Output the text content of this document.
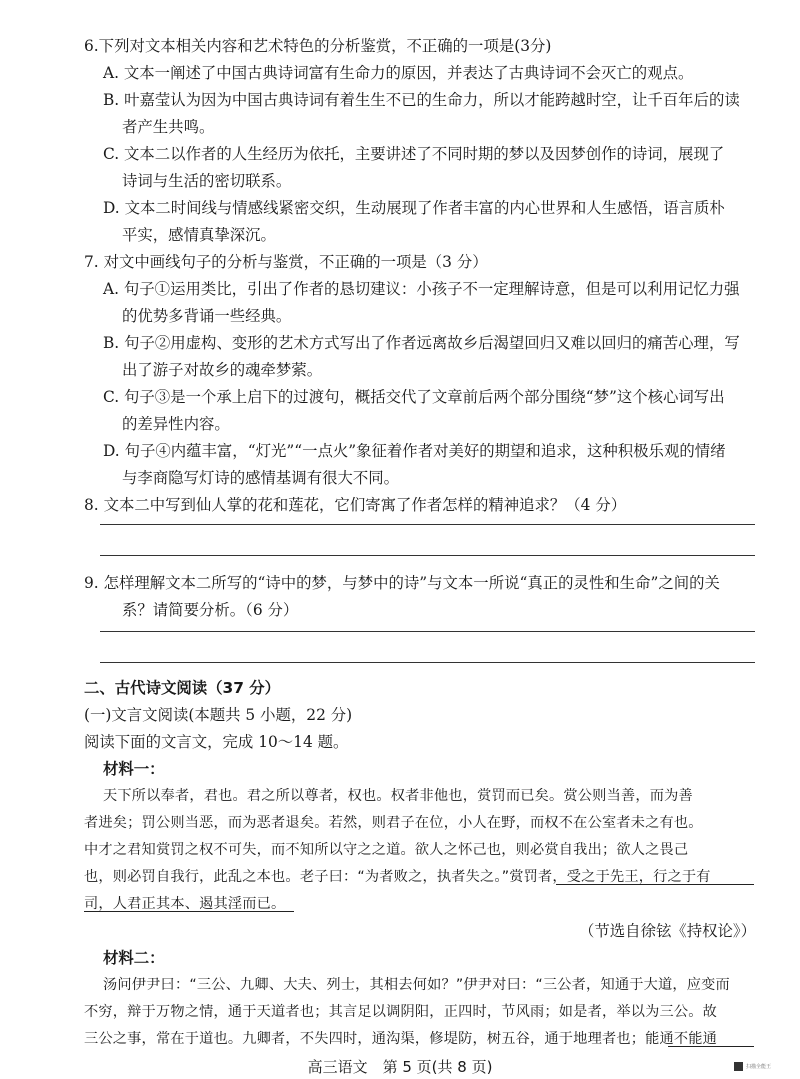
6.下列对文本相关内容和艺术特色的分析鉴赏，不正确的一项是(3分)
A. 文本一阐述了中国古典诗词富有生命力的原因，并表达了古典诗词不会灭亡的观点。
B. 叶嘉莹认为因为中国古典诗词有着生生不已的生命力，所以才能跨越时空，让千百年后的读
者产生共鸣。
C. 文本二以作者的人生经历为依托，主要讲述了不同时期的梦以及因梦创作的诗词，展现了
诗词与生活的密切联系。
D. 文本二时间线与情感线紧密交织，生动展现了作者丰富的内心世界和人生感悟，语言质朴
平实，感情真挚深沉。
7. 对文中画线句子的分析与鉴赏，不正确的一项是（3 分）
A. 句子①运用类比，引出了作者的恳切建议：小孩子不一定理解诗意，但是可以利用记忆力强
的优势多背诵一些经典。
B. 句子②用虚构、变形的艺术方式写出了作者远离故乡后渴望回归又难以回归的痛苦心理，写
出了游子对故乡的魂牵梦萦。
C. 句子③是一个承上启下的过渡句，概括交代了文章前后两个部分围绕“梦”这个核心词写出
的差异性内容。
D. 句子④内蕴丰富，“灯光”“一点火”象征着作者对美好的期望和追求，这种积极乐观的情绪
与李商隐写灯诗的感情基调有很大不同。
8. 文本二中写到仙人掌的花和莲花，它们寄寓了作者怎样的精神追求？（4 分）
9. 怎样理解文本二所写的“诗中的梦，与梦中的诗”与文本一所说“真正的灵性和生命”之间的关
系？请简要分析。（6 分）
二、古代诗文阅读（37 分）
(一)文言文阅读(本题共 5 小题，22 分)
阅读下面的文言文，完成 10～14 题。
材料一：
天下所以奉者，君也。君之所以尊者，权也。权者非他也，赏罚而已矣。赏公则当善，而为善
者进矣；罚公则当恶，而为恶者退矣。若然，则君子在位，小人在野，而权不在公室者未之有也。
中才之君知赏罚之权不可失，而不知所以守之之道。欲人之怀己也，则必赏自我出；欲人之畏己
也，则必罚自我行，此乱之本也。老子曰：“为者败之，执者失之。”赏罚者，受之于先王，行之于有
司，人君正其本、遏其淫而已。
（节选自徐铉《持权论》）
材料二：
汤问伊尹曰：“三公、九卿、大夫、列士，其相去何如？”伊尹对曰：“三公者，知通于大道，应变而
不穷，辩于万物之情，通于天道者也；其言足以调阴阳，正四时，节风雨；如是者，举以为三公。故
三公之事，常在于道也。九卿者，不失四时，通沟渠，修堤防，树五谷，通于地理者也；能通不能通
高三语文　第 5 页(共 8 页)	扫描全能王
